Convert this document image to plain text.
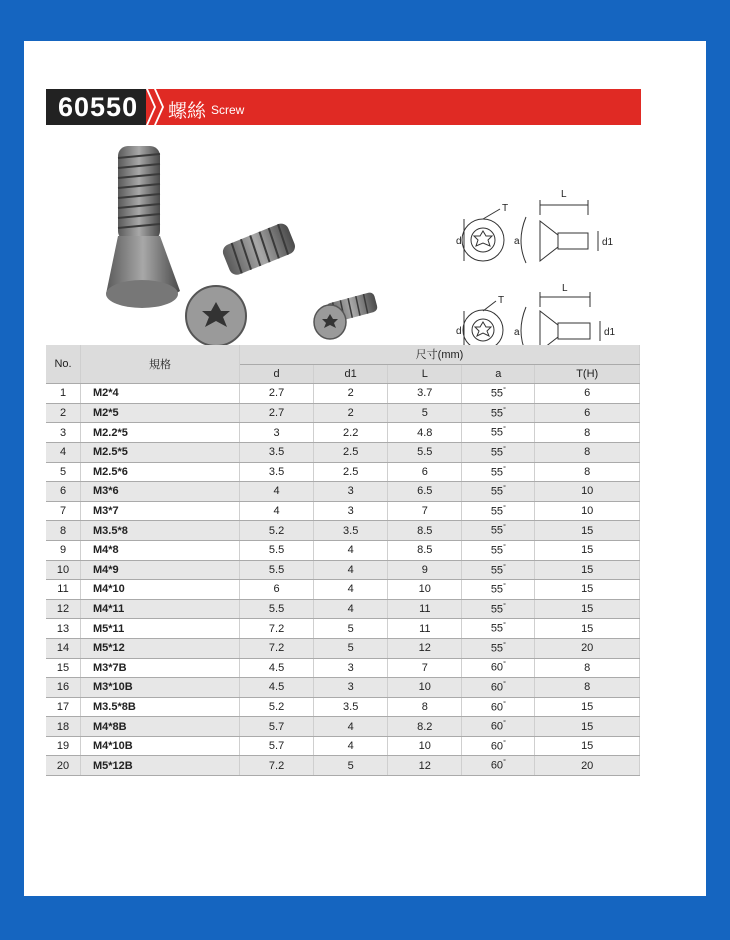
60550 螺絲 Screw
L
T
d	d1
a
L
T
d	d1
a
No.	規格	尺寸(mm)				
		d	d1	L	a	T(H)
1	M2*4	2.7	2	3.7	55°	6
2	M2*5	2.7	2	5	55°	6
3	M2.2*5	3	2.2	4.8	55°	8
4	M2.5*5	3.5	2.5	5.5	55°	8
5	M2.5*6	3.5	2.5	6	55°	8
6	M3*6	4	3	6.5	55°	10
7	M3*7	4	3	7	55°	10
8	M3.5*8	5.2	3.5	8.5	55°	15
9	M4*8	5.5	4	8.5	55°	15
10	M4*9	5.5	4	9	55°	15
11	M4*10	6	4	10	55°	15
12	M4*11	5.5	4	11	55°	15
13	M5*11	7.2	5	11	55°	15
14	M5*12	7.2	5	12	55°	20
15	M3*7B	4.5	3	7	60°	8
16	M3*10B	4.5	3	10	60°	8
17	M3.5*8B	5.2	3.5	8	60°	15
18	M4*8B	5.7	4	8.2	60°	15
19	M4*10B	5.7	4	10	60°	15
20	M5*12B	7.2	5	12	60°	20
